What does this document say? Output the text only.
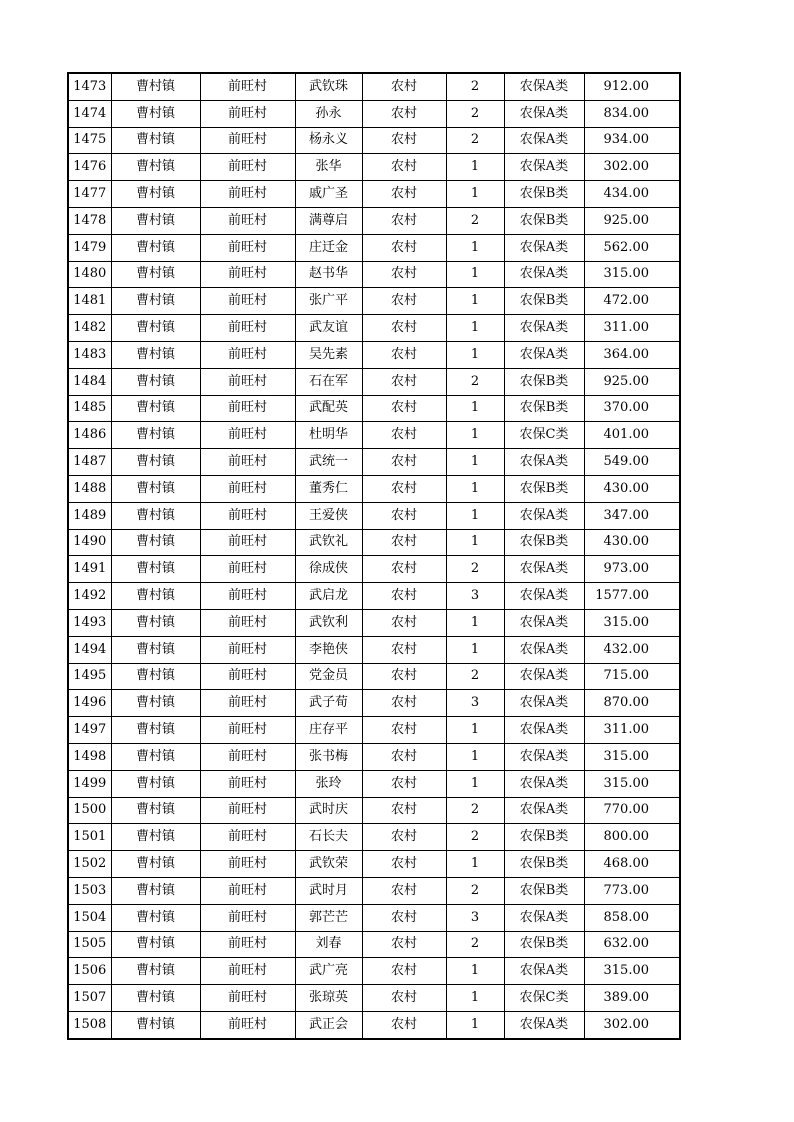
1473	曹村镇	前旺村	武钦珠	农村	2	农保A类	912.00
1474	曹村镇	前旺村	孙永	农村	2	农保A类	834.00
1475	曹村镇	前旺村	杨永义	农村	2	农保A类	934.00
1476	曹村镇	前旺村	张华	农村	1	农保A类	302.00
1477	曹村镇	前旺村	戚广圣	农村	1	农保B类	434.00
1478	曹村镇	前旺村	满尊启	农村	2	农保B类	925.00
1479	曹村镇	前旺村	庄迁金	农村	1	农保A类	562.00
1480	曹村镇	前旺村	赵书华	农村	1	农保A类	315.00
1481	曹村镇	前旺村	张广平	农村	1	农保B类	472.00
1482	曹村镇	前旺村	武友谊	农村	1	农保A类	311.00
1483	曹村镇	前旺村	吴先素	农村	1	农保A类	364.00
1484	曹村镇	前旺村	石在军	农村	2	农保B类	925.00
1485	曹村镇	前旺村	武配英	农村	1	农保B类	370.00
1486	曹村镇	前旺村	杜明华	农村	1	农保C类	401.00
1487	曹村镇	前旺村	武统一	农村	1	农保A类	549.00
1488	曹村镇	前旺村	董秀仁	农村	1	农保B类	430.00
1489	曹村镇	前旺村	王爱侠	农村	1	农保A类	347.00
1490	曹村镇	前旺村	武钦礼	农村	1	农保B类	430.00
1491	曹村镇	前旺村	徐成侠	农村	2	农保A类	973.00
1492	曹村镇	前旺村	武启龙	农村	3	农保A类	1577.00
1493	曹村镇	前旺村	武钦利	农村	1	农保A类	315.00
1494	曹村镇	前旺村	李艳侠	农村	1	农保A类	432.00
1495	曹村镇	前旺村	党金员	农村	2	农保A类	715.00
1496	曹村镇	前旺村	武子荀	农村	3	农保A类	870.00
1497	曹村镇	前旺村	庄存平	农村	1	农保A类	311.00
1498	曹村镇	前旺村	张书梅	农村	1	农保A类	315.00
1499	曹村镇	前旺村	张玲	农村	1	农保A类	315.00
1500	曹村镇	前旺村	武时庆	农村	2	农保A类	770.00
1501	曹村镇	前旺村	石长夫	农村	2	农保B类	800.00
1502	曹村镇	前旺村	武钦荣	农村	1	农保B类	468.00
1503	曹村镇	前旺村	武时月	农村	2	农保B类	773.00
1504	曹村镇	前旺村	郭芒芒	农村	3	农保A类	858.00
1505	曹村镇	前旺村	刘春	农村	2	农保B类	632.00
1506	曹村镇	前旺村	武广亮	农村	1	农保A类	315.00
1507	曹村镇	前旺村	张琼英	农村	1	农保C类	389.00
1508	曹村镇	前旺村	武正会	农村	1	农保A类	302.00
